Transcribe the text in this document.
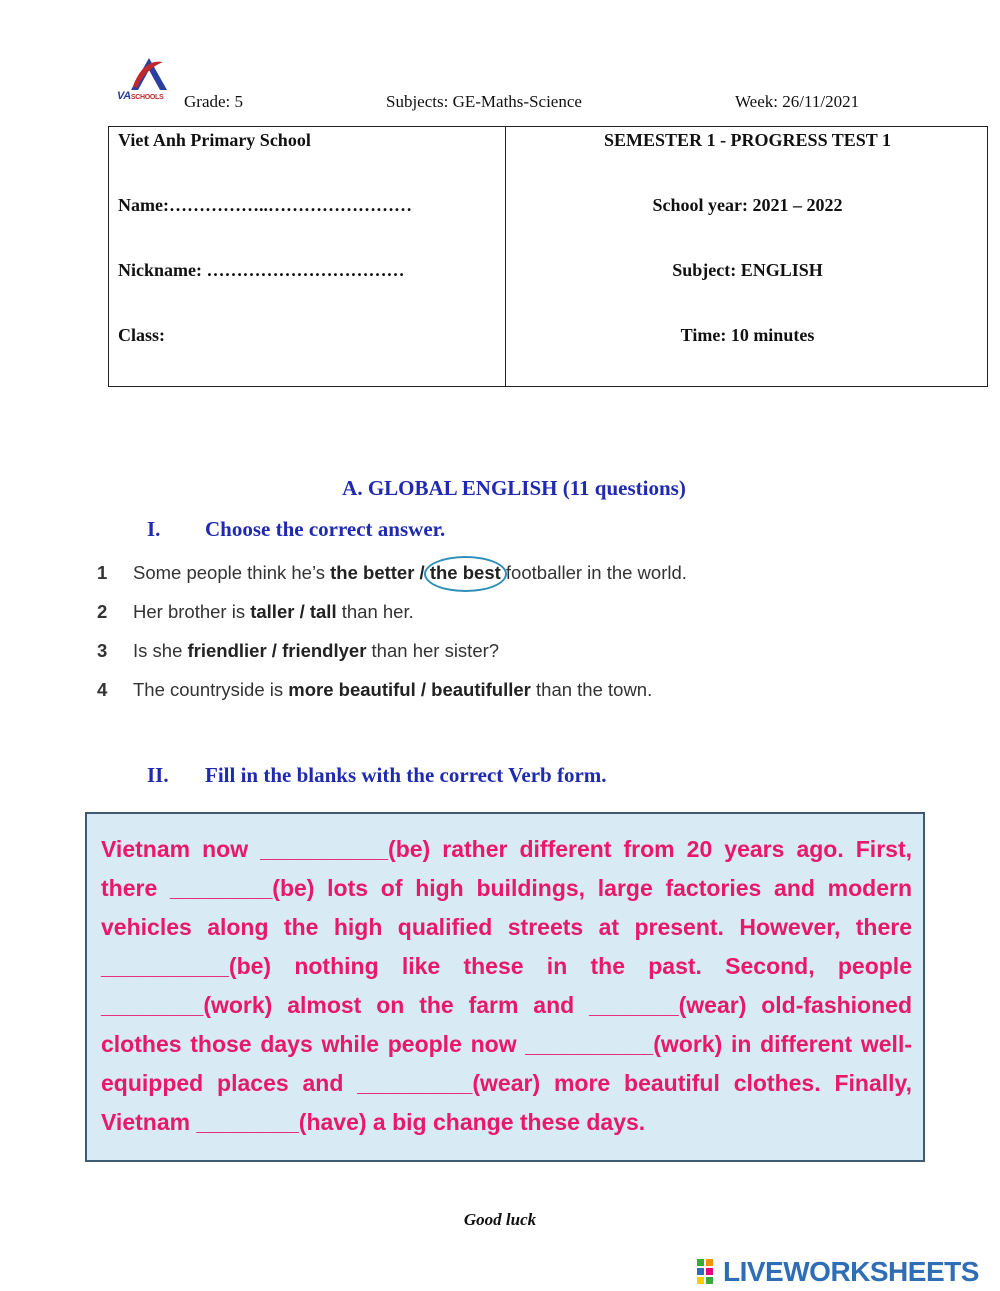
VASCHOOLS Grade: 5	Subjects: GE-Maths-Science	Week: 26/11/2021
Viet Anh Primary School
Name:……………..……………………
Nickname: ……………………………
Class:
SEMESTER 1 - PROGRESS TEST 1
School year: 2021 – 2022
Subject: ENGLISH
Time: 10 minutes
A. GLOBAL ENGLISH (11 questions)
I. Choose the correct answer.
1 Some people think he’s the better / the best footballer in the world.
2 Her brother is taller / tall than her.
3 Is she friendlier / friendlyer than her sister?
4 The countryside is more beautiful / beautifuller than the town.
II. Fill in the blanks with the correct Verb form.

Vietnam now __________(be) rather different from 20 years ago. First, there ________(be) lots of high buildings, large factories and modern vehicles along the high qualified streets at present. However, there __________(be) nothing like these in the past. Second, people ________(work) almost on the farm and _______(wear) old-fashioned clothes those days while people now __________(work) in different well-equipped places and _________(wear) more beautiful clothes. Finally, Vietnam ________(have) a big change these days.

Good luck
LIVEWORKSHEETS
